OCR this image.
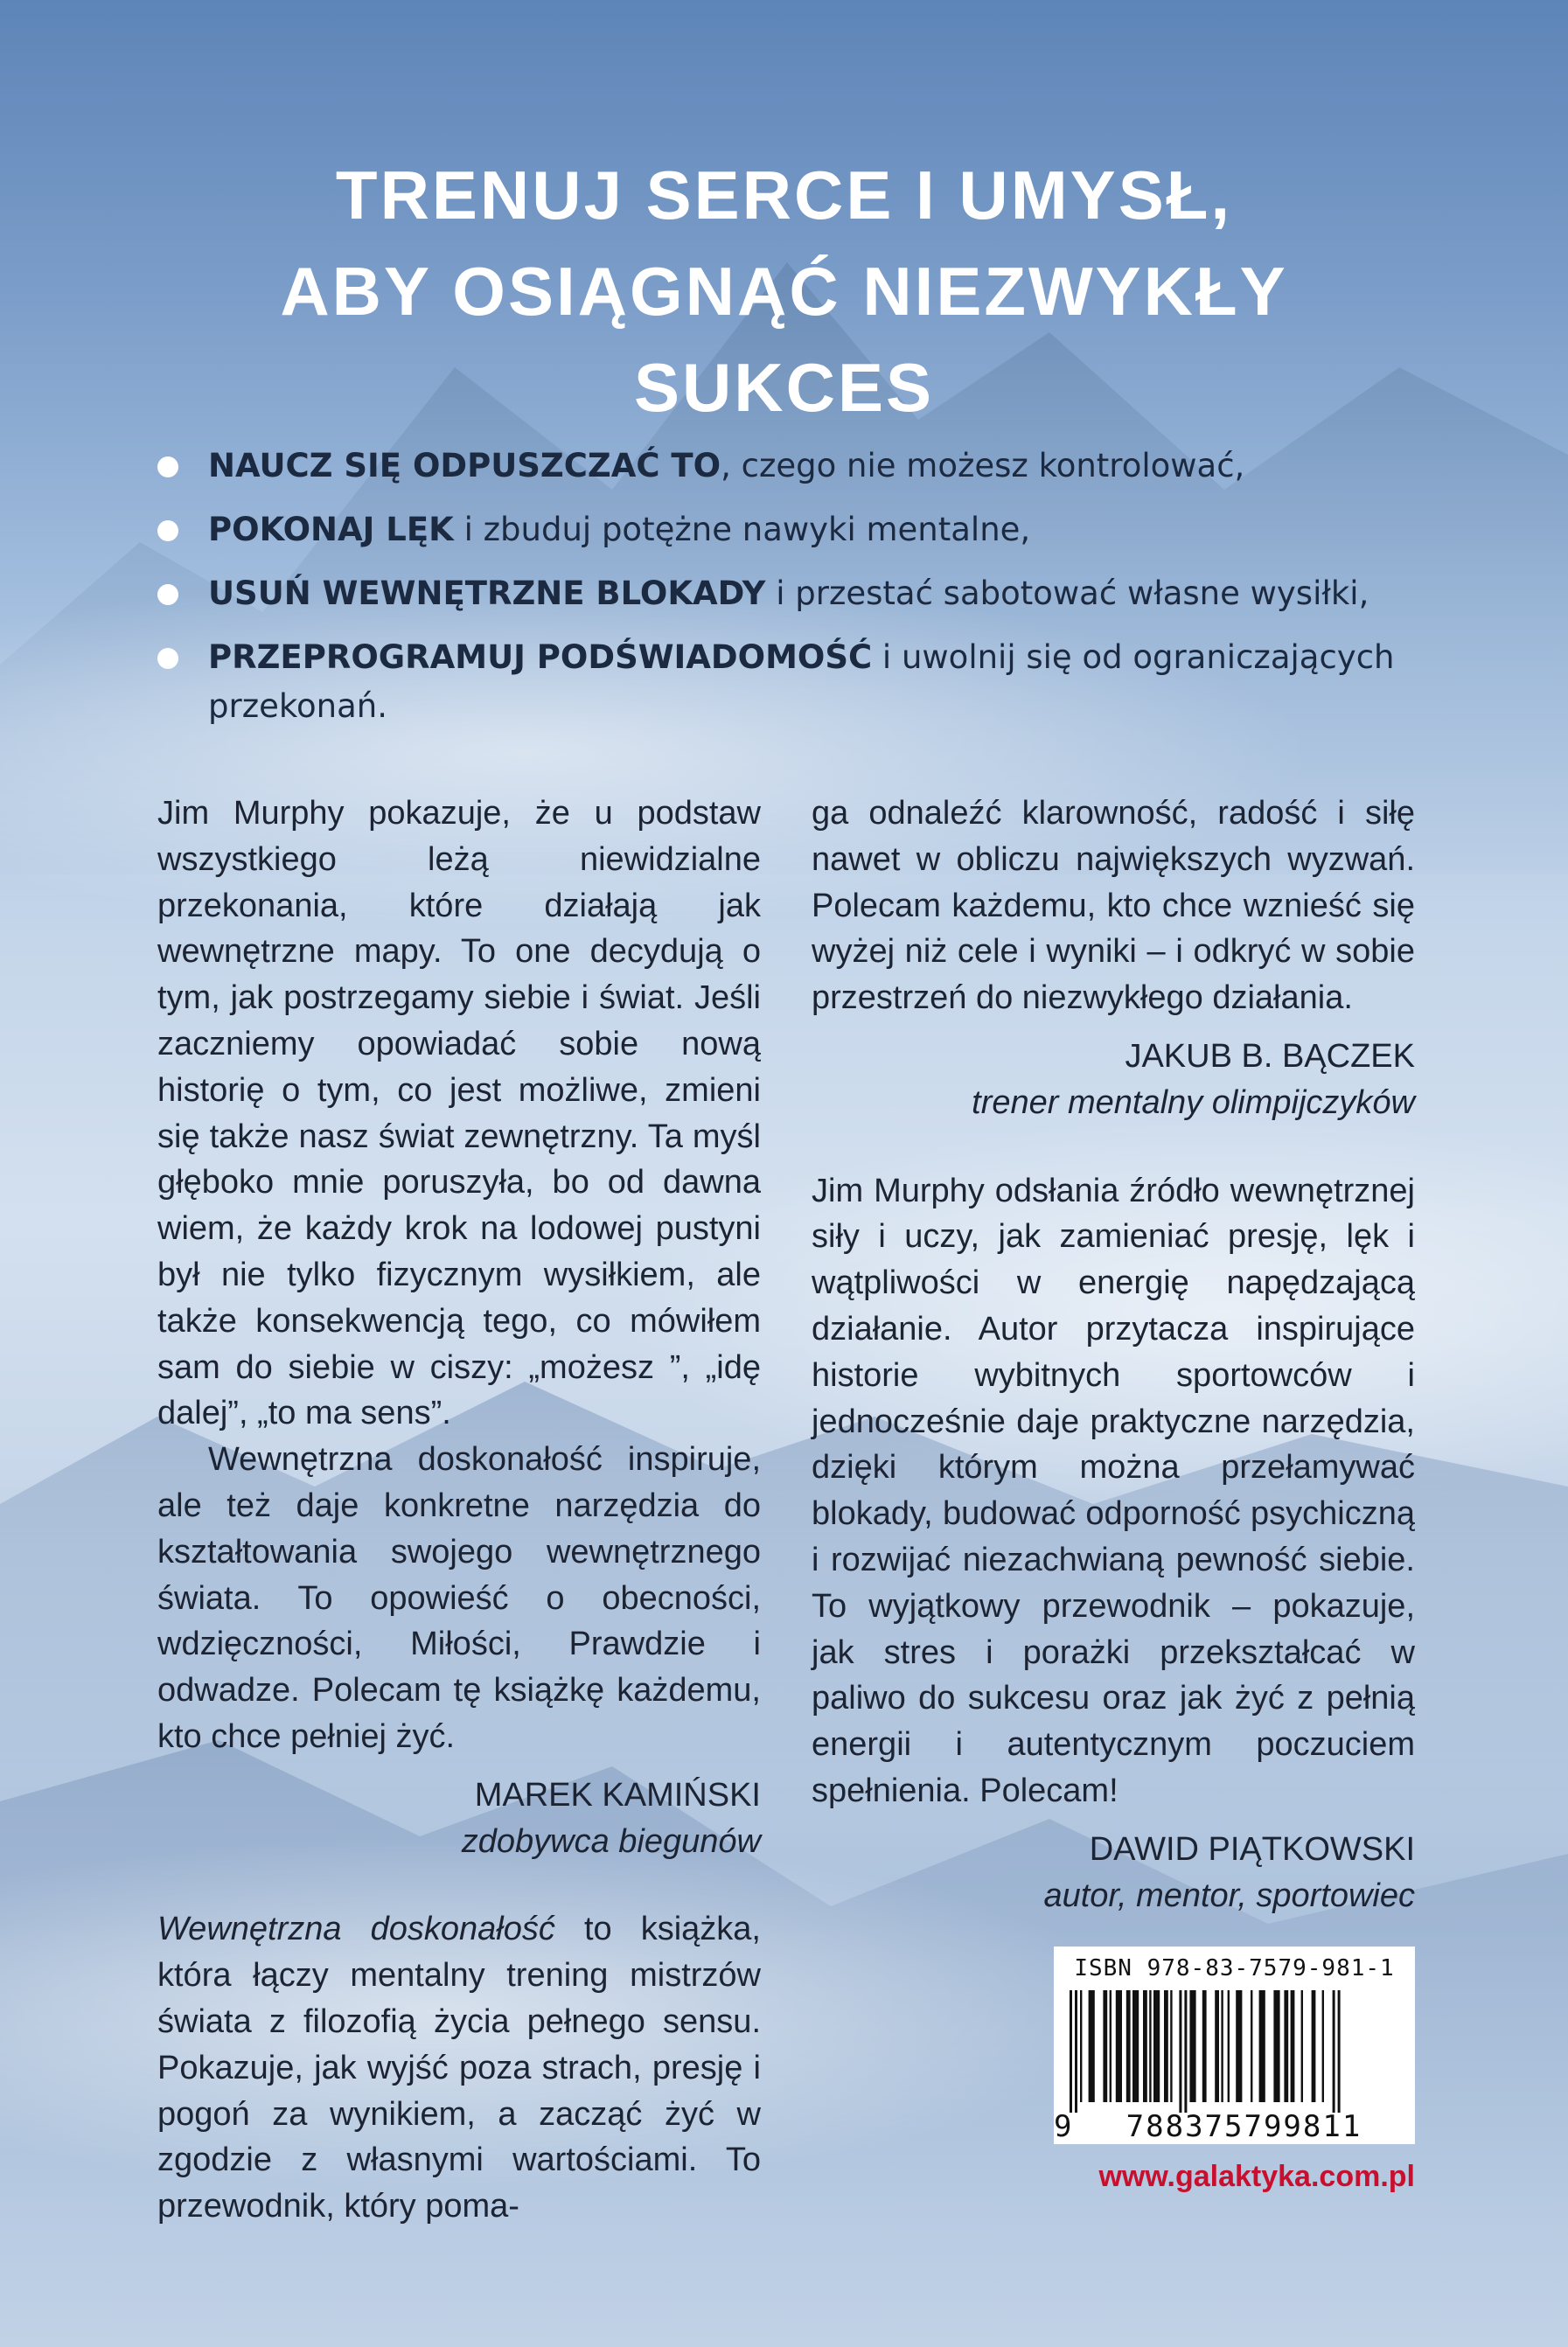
TRENUJ SERCE I UMYSŁ,
ABY OSIĄGNĄĆ NIEZWYKŁY
SUKCES
NAUCZ SIĘ ODPUSZCZAĆ TO, czego nie możesz kontrolować,
POKONAJ LĘK i zbuduj potężne nawyki mentalne,
USUŃ WEWNĘTRZNE BLOKADY i przestać sabotować własne wysiłki,
PRZEPROGRAMUJ PODŚWIADOMOŚĆ i uwolnij się od ograniczających przekonań.

Jim Murphy pokazuje, że u podstaw wszystkiego leżą niewidzialne przekonania, które działają jak wewnętrzne mapy. To one decydują o tym, jak postrzegamy siebie i świat. Jeśli zaczniemy opowiadać sobie nową historię o tym, co jest możliwe, zmieni się także nasz świat zewnętrzny. Ta myśl głęboko mnie poruszyła, bo od dawna wiem, że każdy krok na lodowej pustyni był nie tylko fizycznym wysiłkiem, ale także konsekwencją tego, co mówiłem sam do siebie w ciszy: „możesz ”, „idę dalej”, „to ma sens”.

Wewnętrzna doskonałość inspiruje, ale też daje konkretne narzędzia do kształtowania swojego wewnętrznego świata. To opowieść o obecności, wdzięczności, Miłości, Prawdzie i odwadze. Polecam tę książkę każdemu, kto chce pełniej żyć.

MAREK KAMIŃSKI
zdobywca biegunów

Wewnętrzna doskonałość to książka, która łączy mentalny trening mistrzów świata z filozofią życia pełnego sensu. Pokazuje, jak wyjść poza strach, presję i pogoń za wynikiem, a zacząć żyć w zgodzie z własnymi wartościami. To przewodnik, który poma-

ga odnaleźć klarowność, radość i siłę nawet w obliczu największych wyzwań. Polecam każdemu, kto chce wznieść się wyżej niż cele i wyniki – i odkryć w sobie przestrzeń do niezwykłego działania.

JAKUB B. BĄCZEK
trener mentalny olimpijczyków

Jim Murphy odsłania źródło wewnętrznej siły i uczy, jak zamieniać presję, lęk i wątpliwości w energię napędzającą działanie. Autor przytacza inspirujące historie wybitnych sportowców i jednocześnie daje praktyczne narzędzia, dzięki którym można przełamywać blokady, budować odporność psychiczną i rozwijać niezachwianą pewność siebie. To wyjątkowy przewodnik – pokazuje, jak stres i porażki przekształcać w paliwo do sukcesu oraz jak żyć z pełnią energii i autentycznym poczuciem spełnienia. Polecam!

DAWID PIĄTKOWSKI
autor, mentor, sportowiec
ISBN 978-83-7579-981-1
9	788375799811
www.galaktyka.com.pl
